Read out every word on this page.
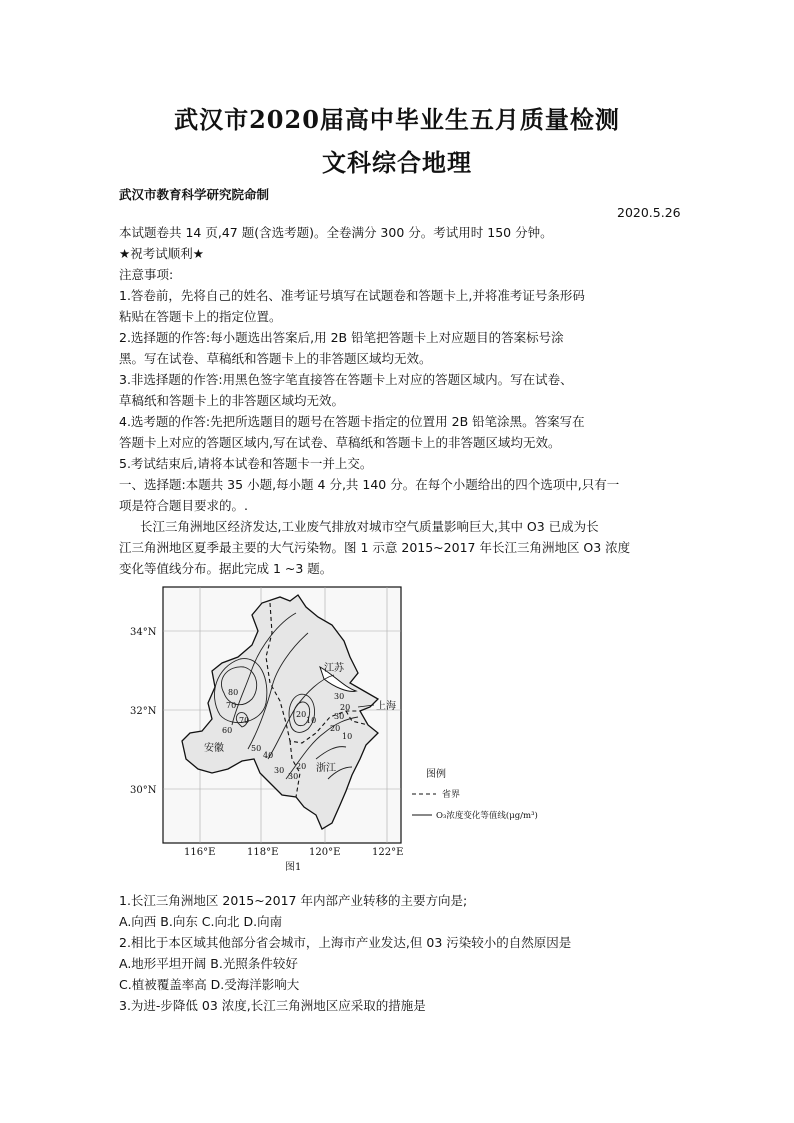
武汉市2020届高中毕业生五月质量检测
文科综合地理
武汉市教育科学研究院命制
2020.5.26
本试题卷共 14 页,47 题(含选考题)。全卷满分 300 分。考试用时 150 分钟。
★祝考试顺利★
注意事项:
1.答卷前，先将自己的姓名、准考证号填写在试题卷和答题卡上,并将准考证号条形码
粘贴在答题卡上的指定位置。
2.选择题的作答:每小题选出答案后,用 2B 铅笔把答题卡上对应题目的答案标号涂
黑。写在试卷、草稿纸和答题卡上的非答题区域均无效。
3.非选择题的作答:用黑色签字笔直接答在答题卡上对应的答题区域内。写在试卷、
草稿纸和答题卡上的非答题区域均无效。
4.选考题的作答:先把所选题目的题号在答题卡指定的位置用 2B 铅笔涂黑。答案写在
答题卡上对应的答题区域内,写在试卷、草稿纸和答题卡上的非答题区域均无效。
5.考试结束后,请将本试卷和答题卡一并上交。
一、选择题:本题共 35 小题,每小题 4 分,共 140 分。在每个小题给出的四个选项中,只有一
项是符合题目要求的。.
长江三角洲地区经济发达,工业废气排放对城市空气质量影响巨大,其中 O3 已成为长
江三角洲地区夏季最主要的大气污染物。图 1 示意 2015~2017 年长江三角洲地区 O3 浓度
变化等值线分布。据此完成 1 ~3 题。
80
70
60
70
50
40
30
20
10
30
20
30
20
10
20
30
江苏
上海
安徽
浙江
34°N
32°N
30°N
116°E	118°E	120°E	122°E
图1
图例
省界
O₃浓度变化等值线(μg/m³)
1.长江三角洲地区 2015~2017 年内部产业转移的主要方向是;
A.向西 B.向东 C.向北 D.向南
2.相比于本区域其他部分省会城市，上海市产业发达,但 03 污染较小的自然原因是
A.地形平坦开阔 B.光照条件较好
C.植被覆盖率高 D.受海洋影响大
3.为进-步降低 03 浓度,长江三角洲地区应采取的措施是
